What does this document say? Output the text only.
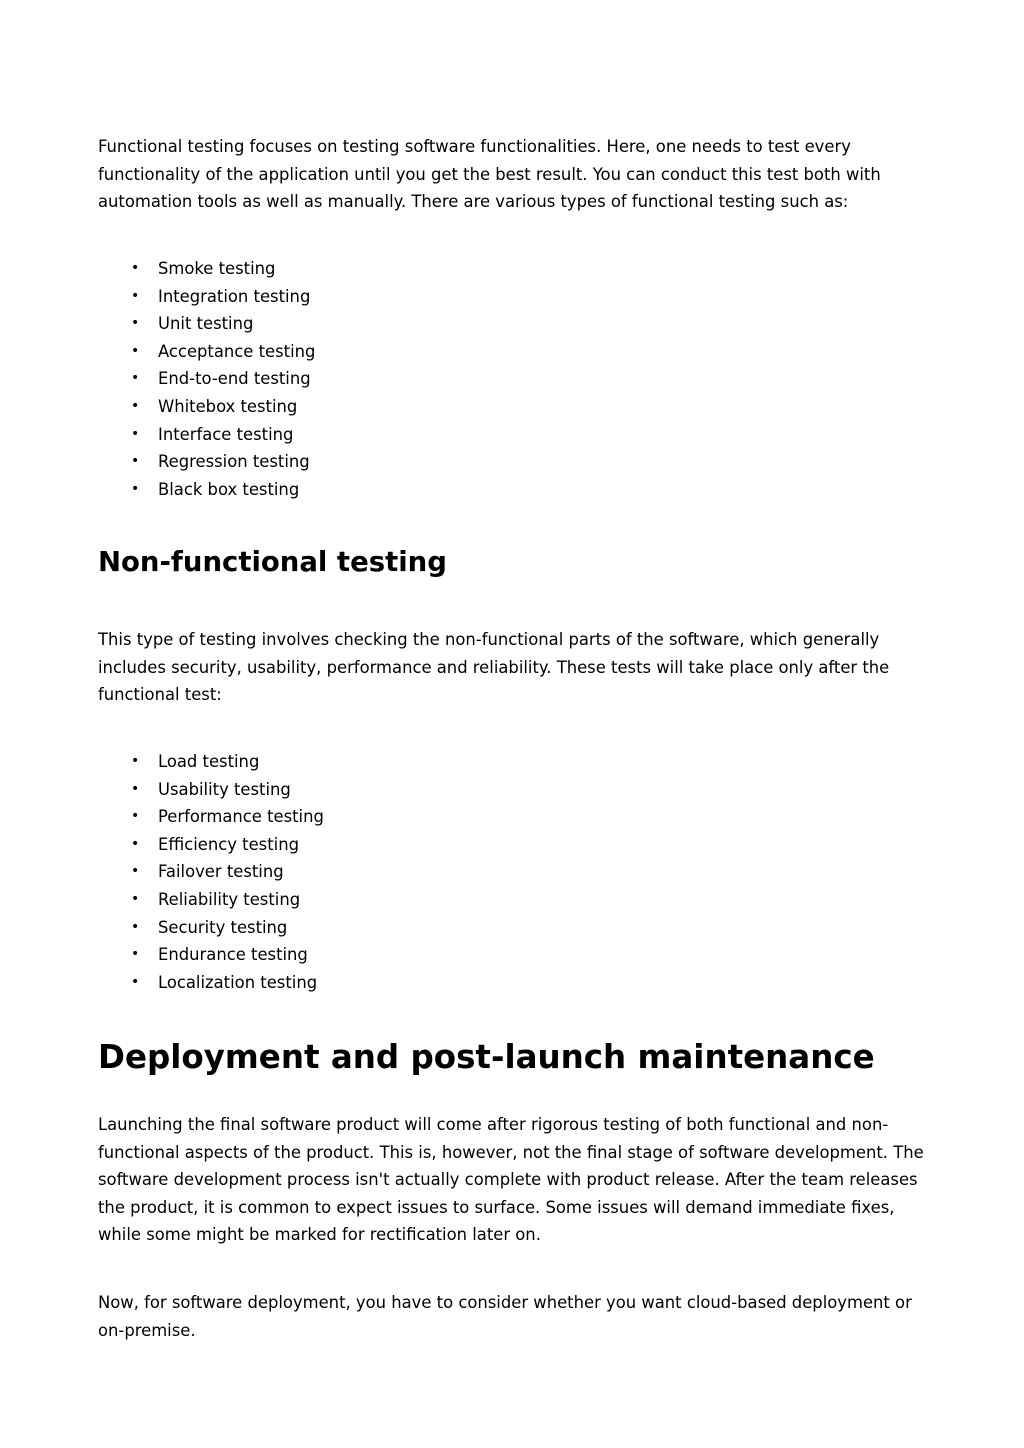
Functional testing focuses on testing software functionalities. Here, one needs to test every functionality of the application until you get the best result. You can conduct this test both with automation tools as well as manually. There are various types of functional testing such as:

• Smoke testing
• Integration testing
• Unit testing
• Acceptance testing
• End-to-end testing
• Whitebox testing
• Interface testing
• Regression testing
• Black box testing
Non-functional testing

This type of testing involves checking the non-functional parts of the software, which generally includes security, usability, performance and reliability. These tests will take place only after the functional test:

• Load testing
• Usability testing
• Performance testing
• Efficiency testing
• Failover testing
• Reliability testing
• Security testing
• Endurance testing
• Localization testing
Deployment and post-launch maintenance

Launching the final software product will come after rigorous testing of both functional and non-functional aspects of the product. This is, however, not the final stage of software development. The software development process isn't actually complete with product release. After the team releases the product, it is common to expect issues to surface. Some issues will demand immediate fixes, while some might be marked for rectification later on.

Now, for software deployment, you have to consider whether you want cloud-based deployment or on-premise.
